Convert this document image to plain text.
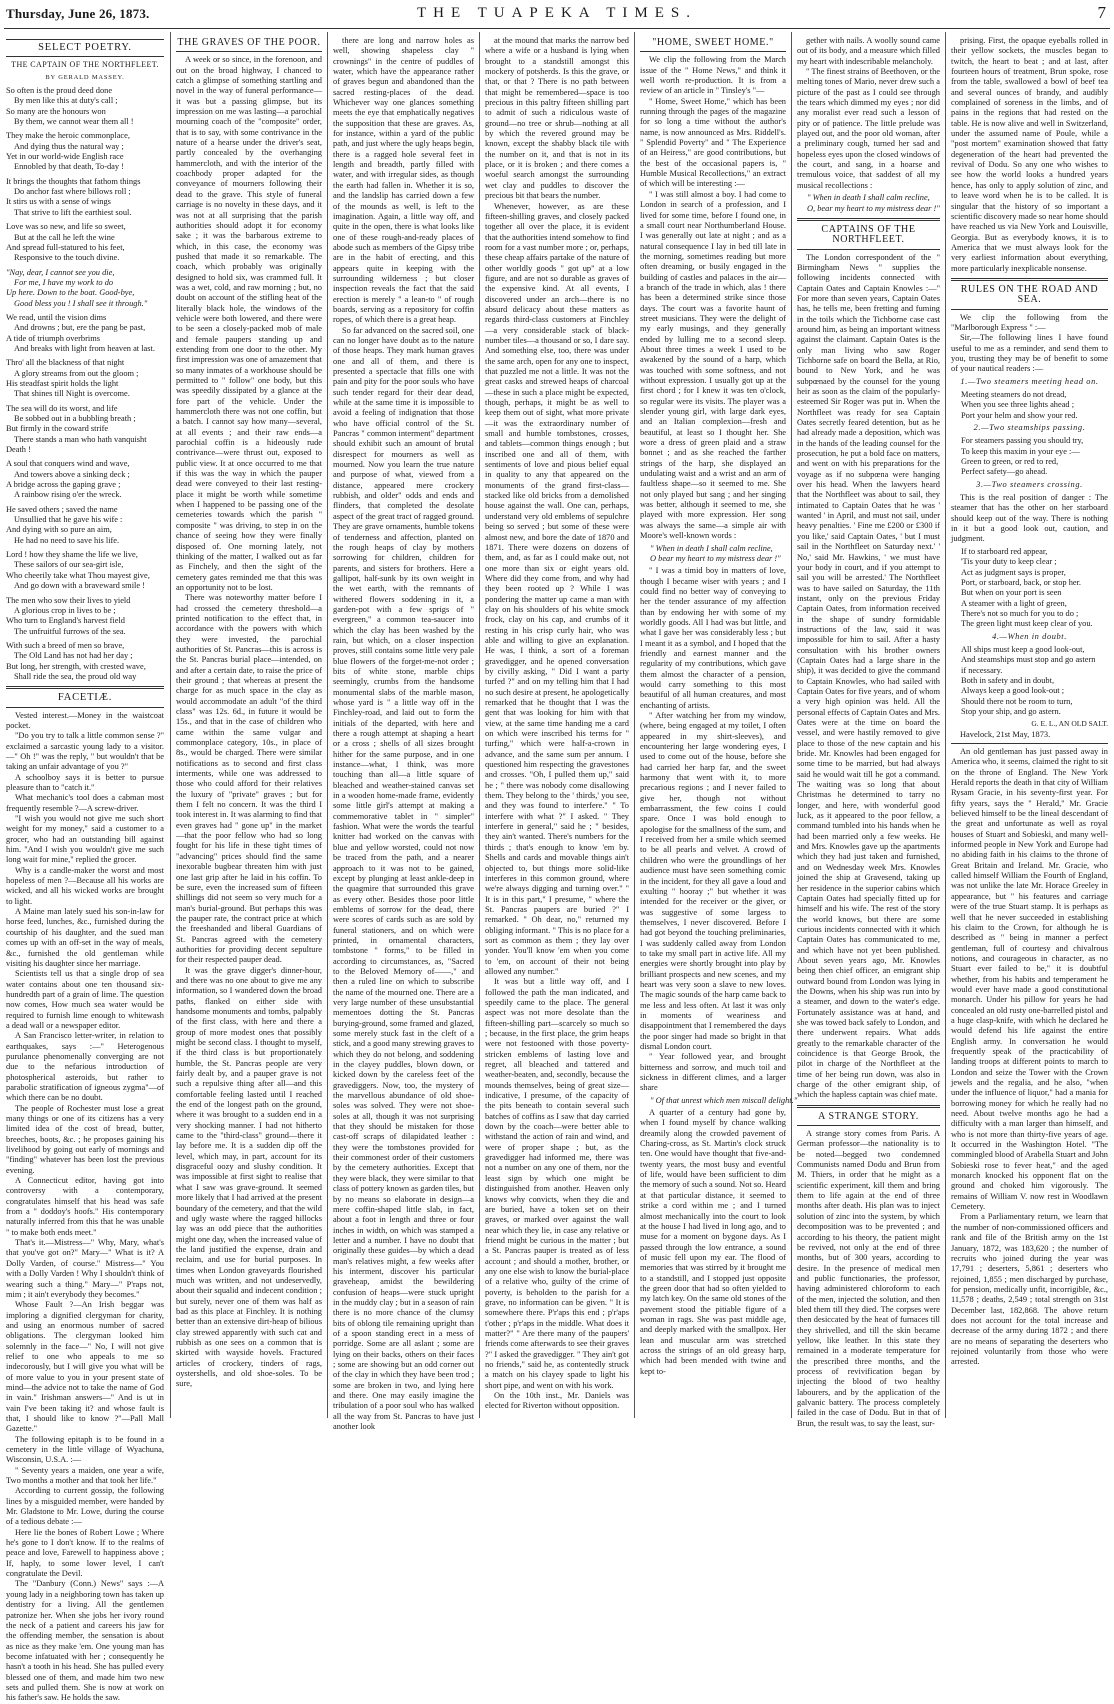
Thursday, June 26, 1873.	THE TUAPEKA TIMES.	7
SELECT POETRY.
THE CAPTAIN OF THE NORTHFLEET.
BY GERALD MASSEY.
So often is the proud deed done
By men like this at duty's call ;
So many are the honours won
By them, we cannot wear them all !
They make the heroic commonplace,
And dying thus the natural way ;
Yet in our world-wide English race
Ennobled by that death, To-day !
It brings the thoughts that fathom things
Do anchor fast where billows roll ;
It stirs us with a sense of wings
That strive to lift the earthiest soul.
Love was so new, and life so sweet,
But at the call he left the wine
And spread full-statured to his feet,
Responsive to the touch divine.
"Nay, dear, I cannot see you die,
For me, I have my work to do
Up here. Down to the boat. Good-bye,
Good bless you ! I shall see it through."
We read, until the vision dims
And drowns ; but, ere the pang be past,
A tide of triumph overbrims
And breaks with light from heaven at last.
Thro' all the blackness of that night
A glory streams from out the gloom ;
His steadfast spirit holds the light
That shines till Night is overcome.
The sea will do its worst, and life
Be sobbed out in a bubbling breath ;
But firmly in the coward strife
There stands a man who hath vanquisht
Death !
A soul that conquers wind and wave,
And towers above a sinking deck ;
A bridge across the gaping grave ;
A rainbow rising o'er the wreck.
He saved others ; saved the name
Unsullied that he gave his wife :
And dying with so pure an aim,
He had no need to save his life.
Lord ! how they shame the life we live,
These sailors of our sea-girt isle,
Who cheerily take what Thou mayest give,
And go down with a braveward smile !
The men who sow their lives to yield
A glorious crop in lives to be ;
Who turn to England's harvest field
The unfruitful furrows of the sea.
With such a breed of men so brave,
The Old Land has not had her day ;
But long, her strength, with crested wave,
Shall ride the sea, the proud old way
FACETIÆ.

Vested interest.—Money in the waistcoat pocket.

"Do you try to talk a little common sense ?" exclaimed a sarcastic young lady to a visitor.—" Oh !" was the reply, " but wouldn't that be taking an unfair advantage of you ?"

A schoolboy says it is better to pursue pleasure than to "catch it."

What mechanic's tool does a cabman most frequently resemble ?—A screw-driver.

"I wish you would not give me such short weight for my money," said a customer to a grocer, who had an outstanding bill against him. "And I wish you wouldn't give me such long wait for mine," replied the grocer.

Why is a candle-maker the worst and most hopeless of men ?—Because all his works are wicked, and all his wicked works are brought to light.

A Maine man lately sued his son-in-law for horse feed, lunches, &c., furnished during the courtship of his daughter, and the sued man comes up with an off-set in the way of meals, &c., furnished the old gentleman while visiting his daughter since her marriage.

Scientists tell us that a single drop of sea water contains about one ten thousand six-hundredth part of a grain of lime. The question now comes, How much sea water would be required to furnish lime enough to whitewash a dead wall or a newspaper editor.

A San Francisco letter-writer, in relation to earthquakes, says :—" Heterogenous purulance phenomenally converging are not due to the nefarious introduction of photospherical asteroids, but rather to parabolic stratification of igneous zygma"—of which there can be no doubt.

The people of Rochester must lose a great many things or one of its citizens has a very limited idea of the cost of bread, butter, breeches, boots, &c. ; he proposes gaining his livelihood by going out early of mornings and "finding" whatever has been lost the previous evening.

A Connecticut editor, having got into controversy with a contemporary, congratulates himself that his head was safe from a " doddoy's hoofs." His contemporary naturally inferred from this that he was unable " to make both ends meet."

That's it.—Mistress—" Why, Mary, what's that you've got on?" Mary—" What is it? A Dolly Varden, of course." Mistress—" You with a Dolly Varden ! Why I shouldn't think of wearing such a thing." Mary—" P'raps not, mim ; it ain't everybody they becomes."

Whose Fault ?—An Irish beggar was imploring a dignified clergyman for charity, and using an enormous number of sacred obligations. The clergyman looked him solemnly in the face—" No, I will not give relief to one who appeals to me so indecorously, but I will give you what will be of more value to you in your present state of mind—the advice not to take the name of God in vain." Irishman answers—" And is ut in vain I've been taking it? and whose fault is that, I should like to know ?"—Pall Mall Gazette."

The following epitaph is to be found in a cemetery in the little village of Wyachuna, Wisconsin, U.S.A. :—

" Seventy years a maiden, one year a wife, Two months a mother and that took her life."

According to current gossip, the following lines by a misguided member, were handed by Mr. Gladstone to Mr. Lowe, during the course of a tedious debate :—

Here lie the bones of Robert Lowe ; Where he's gone to I don't know. If to the realms of peace and love, Farewell to happiness above ; If, haply, to some lower level, I can't congratulate the Devil.

The "Danbury (Conn.) News" says :—A young lady in a neighboring town has taken up dentistry for a living. All the gentlemen patronize her. When she jobs her ivory round the neck of a patient and careers his jaw for the offending member, the sensation is about as nice as they make 'em. One young man has become infatuated with her ; consequently he hasn't a tooth in his head. She has pulled every blessed one of them, and made him two new sets and pulled them. She is now at work on his father's saw. He holds the saw.

THE GRAVES OF THE POOR.

A week or so since, in the forenoon, and out on the broad highway, I chanced to catch a glimpse of something startling and novel in the way of funeral performance—it was but a passing glimpse, but its impression on me was lasting—a parochial mourning coach of the "composite" order, that is to say, with some contrivance in the nature of a hearse under the driver's seat, partly concealed by the overhanging hammercloth, and with the interior of the coachbody proper adapted for the conveyance of mourners following their dead to the grave. This style of funeral carriage is no novelty in these days, and it was not at all surprising that the parish authorities should adopt it for economy sake ; it was the barbarous extreme to which, in this case, the economy was pushed that made it so remarkable. The coach, which probably was originally designed to hold six, was crammed full. It was a wet, cold, and raw morning ; but, no doubt on account of the stifling heat of the literally black hole, the windows of the vehicle were both lowered, and there were to be seen a closely-packed mob of male and female paupers standing up and extending from one door to the other. My first impression was one of amazement that so many inmates of a workhouse should be permitted to " follow" one body, but this was speedily dissipated by a glance at the fore part of the vehicle. Under the hammercloth there was not one coffin, but a batch. I cannot say how many—several, at all events ; and their raw ends—a parochial coffin is a hideously rude contrivance—were thrust out, exposed to public view. It at once occurred to me that if this was the way in which the pauper dead were conveyed to their last resting-place it might be worth while sometime when I happened to be passing one of the cemeteries towards which the parish " composite " was driving, to step in on the chance of seeing how they were finally disposed of. One morning lately, not thinking of the matter, I walked out as far as Finchely, and then the sight of the cemetery gates reminded me that this was an opportunity not to be lost.

There was noteworthy matter before I had crossed the cemetery threshold—a printed notification to the effect that, in accordance with the powers with which they were invested, the parochial authorities of St. Pancras—this is across is the St. Pancras burial place—intended, on and after a certain date, to raise the price of their ground ; that whereas at present the charge for as much space in the clay as would accommodate an adult "of the third class" was 12s. 6d., in future it would be 15s., and that in the case of children who came within the same vulgar and commonplace category, 10s., in place of 8s., would be charged. There were similar notifications as to second and first class interments, while one was addressed to those who could afford for their relatives the luxury of "private" graves ; but for them I felt no concern. It was the third I took interest in. It was alarming to find that even graves had " gone up" in the market—that the poor fellow who had so long fought for his life in these tight times of "advancing" prices should find the same inexorable bugbear threaten him with just one last grip after he laid in his coffin. To be sure, even the increased sum of fifteen shillings did not seem so very much for a man's burial-ground. But perhaps this was the pauper rate, the contract price at which the freeshanded and liberal Guardians of St. Pancras agreed with the cemetery authorities for providing decent sepulture for their respected pauper dead.

It was the grave digger's dinner-hour, and there was no one about to give me any information, so I wandered down the broad paths, flanked on either side with handsome monuments and tombs, palpably of the first class, with here and there a group of more modest ones that possibly might be second class. I thought to myself, if the third class is but proportionately humble, the St. Pancras people are very fairly dealt by, and a pauper grave is not such a repulsive thing after all—and this comfortable feeling lasted until I reached the end of the longest path on the ground, where it was brought to a sudden end in a very shocking manner. I had not hitherto came to the "third-class" ground—there it lay before me. It is a sudden dip off the level, which may, in part, account for its disgraceful oozy and slushy condition. It was impossible at first sight to realise that what I saw was grave-ground. It seemed more likely that I had arrived at the present boundary of the cemetery, and that the wild and ugly waste where the ragged hillocks lay was an odd piece that the authorities might one day, when the increased value of the land justified the expense, drain and reclaim, and use for burial purposes. In times when London graveyards flourished much was written, and not undeservedly, about their squalid and indecent condition ; but surely, never one of them was half as bad as this place at Finchley. It is nothing better than an extensive dirt-heap of bilious clay strewed apparently with such cat and rubbish as one sees on a common that is skirted with wayside hovels. Fractured articles of crockery, tinders of rags, oystershells, and old shoe-soles. To be sure,

there are long and narrow holes as well, showing shapeless clay " crownings" in the centre of puddles of water, which have the appearance rather of graves begun and abandoned than the sacred resting-places of the dead. Whichever way one glances something meets the eye that emphatically negatives the supposition that these are graves. As, for instance, within a yard of the public path, and just where the ugly heaps begin, there is a ragged hole several feet in length and breadth, partly filled with water, and with irregular sides, as though the earth had fallen in. Whether it is so, and the landslip has carried down a few of the mounds as well, is left to the imagination. Again, a little way off, and quite in the open, there is what looks like one of these rough-and-ready places of abode such as members of the Gipsy tribe are in the habit of erecting, and this appears quite in keeping with the surrounding wilderness ; but closer inspection reveals the fact that the said erection is merely " a lean-to " of rough boards, serving as a repository for coffin ropes, of which there is a great heap.

So far advanced on the sacred soil, one can no longer have doubt as to the nature of those heaps. They mark human graves one and all of them, and there is presented a spectacle that fills one with pain and pity for the poor souls who have such tender regard for their dear dead, while at the same time it is impossible to avoid a feeling of indignation that those who have official control of the St. Pancras " common interment" department should exhibit such an amount of brutal disrespect for mourners as well as mourned. Now you learn the true nature and purpose of what, viewed from a distance, appeared mere crockery rubbish, and older" odds and ends and flinders, that completed the desolate aspect of the great tract of ragged ground. They are grave ornaments, humble tokens of tenderness and affection, planted on the rough heaps of clay by mothers sorrowing for children, children for parents, and sisters for brothers. Here a gallipot, half-sunk by its own weight in the wet earth, with the remnants of withered flowers soddening in it, a garden-pot with a few sprigs of " evergreen," a common tea-saucer into which the clay has been washed by the rain, but which, on a closer inspection proves, still contains some little very pale blue flowers of the forget-me-not order ; bits of white stone, marble chips seemingly, crumbs from the handsome monumental slabs of the marble mason, whose yard is " a little way off in the Finchley-road, and laid out to form the initials of the departed, with here and there a rough attempt at shaping a heart or a cross ; shells of all sizes brought hither for the same purpose, and in one instance—what, I think, was more touching than all—a little square of bleached and weather-stained canvas set in a wooden home-made frame, evidently some little girl's attempt at making a commemorative tablet in " simpler" fashion. What were the words the tearful knitter had worked on the canvas with blue and yellow worsted, could not now be traced from the path, and a nearer approach to it was not to be gained, except by plunging at least ankle-deep in the quagmire that surrounded this grave as every other. Besides those poor little emblems of sorrow for the dead, there were scores of cards such as are sold by funeral stationers, and on which were printed, in ornamental characters, tombstone " forms," to be filled in according to circumstances, as, "Sacred to the Beloved Memory of——," and then a ruled line on which to subscribe the name of the mourned one. There are a very large number of these unsubstantial mementoes dotting the St. Pancras burying-ground, some framed and glazed, some merely stuck fast in the cleft of a stick, and a good many strewing graves to which they do not belong, and soddening in the clayey puddles, blown down, or kicked down by the careless feet of the gravediggers. Now, too, the mystery of the marvellous abundance of old shoe-soles was solved. They were not shoe-soles at all, though it was not surprising that they should be mistaken for those cast-off scraps of dilapidated leather : they were the tombstones provided for their commonest order of their customers by the cemetery authorities. Except that they were black, they were similar to that class of pottery known as garden tiles, but by no means so elaborate in design—a mere coffin-shaped little slab, in fact, about a foot in length and three or four inches in width, on which was stamped a letter and a number. I have no doubt that originally these guides—by which a dead man's relatives might, a few weeks after his interment, discover his particular graveheap, amidst the bewildering confusion of heaps—were stuck upright in the muddy clay ; but in a season of rain there is no more chance of the clumsy bits of oblong tile remaining upright than of a spoon standing erect in a mess of porridge. Some are all aslant ; some are lying on their backs, others on their faces ; some are showing but an odd corner out of the clay in which they have been trod ; some are broken in two, and lying here and there. One may easily imagine the tribulation of a poor soul who has walked all the way from St. Pancras to have just another look

at the mound that marks the narrow bed where a wife or a husband is lying when brought to a standstill amongst this mockery of potsherds. Is this the grave, or that, or that ? There is no path between that might be remembered—space is too precious in this paltry fifteen shilling part to admit of such a ridiculous waste of ground—no tree or shrub—nothing at all by which the revered ground may be known, except the shabby black tile with the number on it, and that is not in its place, or it is broken ; and there comes a woeful search amongst the surrounding wet clay and puddles to discover the precious bit that bears the number.

Whenever, however, as are these fifteen-shilling graves, and closely packed together all over the place, it is evident that the authorities intend somehow to find room for a vast number more ; or, perhaps, these cheap affairs partake of the nature of other worldly goods " got up" at a low figure, and are not so durable as graves of the expensive kind. At all events, I discovered under an arch—there is no absurd delicacy about these matters as regards third-class customers at Finchley—a very considerable stack of black-number tiles—a thousand or so, I dare say. And something else, too, there was under the same arch, open for any one to inspect, that puzzled me not a little. It was not the great casks and strewed heaps of charcoal—these in such a place might be expected, though, perhaps, it might be as well to keep them out of sight, what more private—it was the extraordinary number of small and humble tombstones, crosses, and tablets—common things enough ; but inscribed one and all of them, with sentiments of love and pious belief equal in quality to any that appeared on the monuments of the grand first-class—stacked like old bricks from a demolished house against the wall. One can, perhaps, understand very old emblems of sepulchre being so served ; but some of these were almost new, and bore the date of 1870 and 1871. There were dozens on dozens of them, and, as far as I could make out, not one more than six or eight years old. Where did they come from, and why had they been rooted up ? While I was pondering the matter up came a man with clay on his shoulders of his white smock frock, clay on his cap, and crumbs of it resting in his crisp curly hair, who was able and willing to give an explanation. He was, I think, a sort of a foreman gravedigger, and he opened conversation by civilly asking, " Did I want a party turfed ?" and on my telling him that I had no such desire at present, he apologetically remarked that he thought that I was the gent that was looking for him with that view, at the same time handing me a card on which were inscribed his terms for " turfing," which were half-a-crown in advance, and the same sum per annum. I questioned him respecting the gravestones and crosses. "Oh, I pulled them up," said he ; " there was nobody come disallowing them. They belong to the ' thirds,' you see, and they was found to interfere." " To interfere with what ?" I asked. " They interfere in general," said he ; " besides, they ain't wanted. There's numbers for the thirds ; that's enough to know 'em by. Shells and cards and movable things ain't objected to, but things more solid-like interferes in this common ground, where we're always digging and turning over." " It is in this part," I presume, " where the St. Pancras paupers are buried ?" I remarked. " Oh dear, no," returned my obliging informant. " This is no place for a sort as common as them ; they lay over yonder. You'll know 'em when you come to 'em, on account of their not being allowed any number."

It was but a little way off, and I followed the path the man indicated, and speedily came to the place. The general aspect was not more desolate than the fifteen-shilling part—scarcely so much so ; because, in the first place, the grim heaps were not festooned with those poverty-stricken emblems of lasting love and regret, all bleached and tattered and weather-beaten, and, secondly, because the mounds themselves, being of great size—indicative, I presume, of the capacity of the pits beneath to contain several such batches of coffins as I saw that day carried down by the coach—were better able to withstand the action of rain and wind, and were of proper shape ; but, as the gravedigger had informed me, there was not a number on any one of them, nor the least sign by which one might be distinguished from another. Heaven only knows why convicts, when they die and are buried, have a token set on their graves, or marked over against the wall near which they lie, in case any relative or friend might be curious in the matter ; but a St. Pancras pauper is treated as of less account ; and should a mother, brother, or any one else wish to know the burial-place of a relative who, guilty of the crime of poverty, is beholden to the parish for a grave, no information can be given. " It is somewhere there. P'r'aps this end ; p'r'aps t'other ; p'r'aps in the middle. What does it matter?" " Are there many of the paupers' friends come afterwards to see their graves ?" I asked the gravedigger. " They ain't got no friends," said he, as contentedly struck a match on his clayey spade to light his short pipe, and went on with his work.

On the 10th inst., Mr. Daniels was elected for Riverton without opposition.

"HOME, SWEET HOME."

We clip the following from the March issue of the " Home News," and think it well worth re-production. It is from a review of an article in " Tinsley's "—

" Home, Sweet Home," which has been running through the pages of the magazine for so long a time without the author's name, is now announced as Mrs. Riddell's. " Splendid Poverty" and " The Experience of an Heiress," are good contributions, but the best of the occasional papers is, " Humble Musical Recollections," an extract of which will be interesting :—

" I was still almost a boy. I had come to London in search of a profession, and I lived for some time, before I found one, in a small court near Northumberland House. I was generally out late at night ; and as a natural consequence I lay in bed till late in the morning, sometimes reading but more often dreaming, or busily engaged in the building of castles and palaces in the air—a branch of the trade in which, alas ! there has been a determined strike since those days. The court was a favorite haunt of street musicians. They were the delight of my early musings, and they generally ended by lulling me to a second sleep. About three times a week I used to be awakened by the sound of a harp, which was touched with some softness, and not without expression. I usually got up at the first chord ; for I knew it was ten o'clock, so regular were its visits. The player was a slender young girl, with large dark eyes, and an Italian complexion—fresh and beautiful, at least so I thought her. She wore a dress of green plaid and a straw bonnet ; and as she reached the farther strings of the harp, she displayed an undulating waist and a wrist and an arm of faultless shape—so it seemed to me. She not only played but sang ; and her singing was better, although it seemed to me, she played with more expression. Her song was always the same—a simple air with Moore's well-known words :

" When in death I shall calm recline,
O bear my heart to my mistress dear !"

" I was a timid boy in matters of love, though I became wiser with years ; and I could find no better way of conveying to her the tender assurance of my affection than by endowing her with some of my worldly goods. All I had was but little, and what I gave her was considerably less ; but I meant it as a symbol, and I hoped that the friendly and earnest manner and the regularity of my contributions, which gave them almost the character of a pension, would carry something to this most beautiful of all human creatures, and most enchanting of artists.

" After watching her from my window, (where, being engaged at my toilet, I often appeared in my shirt-sleeves), and encountering her large wondering eyes, I used to come out of the house, before she had carried her harp far, and the sweet harmony that went with it, to more precarious regions ; and I never failed to give her, though not without embarrassment, the few coins I could spare. Once I was bold enough to apologise for the smallness of the sum, and I received from her a smile which seemed to be all pearls and velvet. A crowd of children who were the groundlings of her audience must have seen something comic in the incident, for they all gave a loud and exulting " hooray ;" but whether it was intended for the receiver or the giver, or was suggestive of some largess to themselves, I never discovered. Before I had got beyond the touching preliminaries, I was suddenly called away from London to take my small part in active life. All my energies were shortly brought into play by brilliant prospects and new scenes, and my heart was very soon a slave to new loves. The magic sounds of the harp came back to me less and less often. At last it was only in moments of weariness and disappointment that I remembered the days the poor singer had made so bright in that dismal London court.

" Year followed year, and brought bitterness and sorrow, and much toil and sickness in different climes, and a larger share

" Of that unrest which men miscall delight."

A quarter of a century had gone by, when I found myself by chance walking dreamily along the crowded pavement of Charing-cross, as St. Martin's clock struck ten. One would have thought that five-and-twenty years, the most busy and eventful of life, would have been sufficient to dim the memory of such a sound. Not so. Heard at that particular distance, it seemed to strike a cord within me ; and I turned almost mechanically into the court to look at the house I had lived in long ago, and to muse for a moment on bygone days. As I passed through the low entrance, a sound of music fell upon my ear. The flood of memories that was stirred by it brought me to a standstill, and I stopped just opposite the green door that had so often yielded to my latch key. On the same old stones of the pavement stood the pitiable figure of a woman in rags. She was past middle age, and deeply marked with the smallpox. Her lean and muscular arm was stretched across the strings of an old greasy harp, which had been mended with twine and kept to-

gether with nails. A woolly sound came out of its body, and a measure which filled my heart with indescribable melancholy.

" The finest strains of Beethoven, or the melting tones of Mario, never drew such a picture of the past as I could see through the tears which dimmed my eyes ; nor did any moralist ever read such a lesson of pity or of patience. The little prelude was played out, and the poor old woman, after a preliminary cough, turned her sad and hopeless eyes upon the closed windows of the court, and sang, in a hoarse and tremulous voice, that saddest of all my musical recollections :

" When in death I shall calm recline,
O, bear my heart to my mistress dear !"
CAPTAINS OF THE NORTHFLEET.

The London correspondent of the " Birmingham News " supplies the following incidents connected with Captain Oates and Captain Knowles :—" For more than seven years, Captain Oates has, he tells me, been fretting and fuming in the toils which the Tichborne case cast around him, as being an important witness against the claimant. Captain Oates is the only man living who saw Roger Tichborne safe on board the Bella, at Rio, bound to New York, and he was subpœnaed by the counsel for the young heir as soon as the claim of the popularly-esteemed Sir Roger was put in. When the Northfleet was ready for sea Captain Oates secretly feared detention, but as he had already made a deposition, which was in the hands of the leading counsel for the prosecution, he put a bold face on matters, and went on with his preparations for the voyage as if no subpœna were hanging over his head. When the lawyers heard that the Northfleet was about to sail, they intimated to Captain Oates that he was ' wanted ' in April, and must not sail, under heavy penalties. ' Fine me £200 or £300 if you like,' said Captain Oates, ' but I must sail in the Northfleet on Saturday next.' ' No,' said Mr. Hawkins, ' we must have your body in court, and if you attempt to sail you will be arrested.' The Northfleet was to have sailed on Saturday, the 11th instant, only on the previous Friday Captain Oates, from information received in the shape of sundry formidable instructions of the law, said it was impossible for him to sail. After a hasty consultation with his brother owners (Captain Oates had a large share in the ship), it was decided to give the command to Captain Knowles, who had sailed with Captain Oates for five years, and of whom a very high opinion was held. All the personal effects of Captain Oates and Mrs. Oates were at the time on board the vessel, and were hastily removed to give place to those of the new captain and his bride. Mr. Knowles had been engaged for some time to be married, but had always said he would wait till he got a command. The waiting was so long that about Christmas he determined to tarry no longer, and here, with wonderful good luck, as it appeared to the poor fellow, a command tumbled into his hands when he had been married only a few weeks. He and Mrs. Knowles gave up the apartments which they had just taken and furnished, and on Wednesday week Mrs. Knowles joined the ship at Gravesend, taking up her residence in the superior cabins which Captain Oates had specially fitted up for himself and his wife. The rest of the story the world knows, but there are some curious incidents connected with it which Captain Oates has communicated to me, and which have not yet been published. About seven years ago, Mr. Knowles being then chief officer, an emigrant ship outward bound from London was lying in the Downs, when his ship was run into by a steamer, and down to the water's edge. Fortunately assistance was at hand, and she was towed back safely to London, and there underwent repairs. What adds greatly to the remarkable character of the coincidence is that George Brook, the pilot in charge of the Northfleet at the time of her being run down, was also in charge of the other emigrant ship, of which the hapless captain was chief mate.

A STRANGE STORY.

A strange story comes from Paris. A German professor—the nationality is to be noted—begged two condemned Communists named Dodu and Brun from M. Thiers, in order that he might as a scientific experiment, kill them and bring them to life again at the end of three months after death. His plan was to inject solution of zinc into the system, by which decomposition was to be prevented ; and according to his theory, the patient might be revived, not only at the end of three months, but of 300 years, according to desire. In the presence of medical men and public functionaries, the professor, having administered chloroform to each of the men, injected the solution, and then bled them till they died. The corpses were then desiccated by the heat of furnaces till they shrivelled, and till the skin became yellow, like leather. In this state they remained in a moderate temperature for the prescribed three months, and the process of revivification began by injecting the blood of two healthy labourers, and by the application of the galvanic battery. The process completely failed in the case of Dodu. But in that of Brun, the result was, to say the least, sur-

prising. First, the opaque eyeballs rolled in their yellow sockets, the muscles began to twitch, the heart to beat ; and at last, after fourteen hours of treatment, Brun spoke, rose from the table, swallowed a bowl of beef tea and several ounces of brandy, and audibly complained of soreness in the limbs, and of pains in the regions that had rested on the table. He is now alive and well in Switzerland, under the assumed name of Poule, while a "post mortem" examination showed that fatty degeneration of the heart had prevented the revival of Dodu. So any one who wishes to see how the world looks a hundred years hence, has only to apply solution of zinc, and to leave word when he is to be called. It is singular that the history of so important a scientific discovery made so near home should have reached us via New York and Louisville, Georgia. But as everybody knows, it is to America that we must always look for the very earliest information about everything, more particularly inexplicable nonsense.

RULES ON THE ROAD AND SEA.

We clip the following from the "Marlborough Express " :—

Sir,—The following lines I have found useful to me as a reminder, and send them to you, trusting they may be of benefit to some of your nautical readers :—

1.—Two steamers meeting head on.
Meeting steamers do not dread,
When you see three lights ahead ;
Port your helm and show your red.
2.—Two steamships passing.
For steamers passing you should try,
To keep this maxim in your eye :—
Green to green, or red to red,
Perfect safety—go ahead.
3.—Two steamers crossing.

This is the real position of danger : The steamer that has the other on her starboard should keep out of the way. There is nothing in it but a good look out, caution, and judgment.

If to starboard red appear,
'Tis your duty to keep clear ;
Act as judgment says is proper,
Port, or starboard, back, or stop her.
But when on your port is seen
A steamer with a light of green,
There's not so much for you to do ;
The green light must keep clear of you.
4.—When in doubt.
All ships must keep a good look-out,
And steamships must stop and go astern
if necessary.
Both in safety and in doubt,
Always keep a good look-out ;
Should there not be room to turn,
Stop your ship, and go astern.
G. E. L., AN OLD SALT.

Havelock, 21st May, 1873.

An old gentleman has just passed away in America who, it seems, claimed the right to sit on the throne of England. The New York Herald reports the death in that city of William Rysam Gracie, in his seventy-first year. For fifty years, says the " Herald," Mr. Gracie believed himself to be the lineal descendant of the great and unfortunate as well as royal houses of Stuart and Sobieski, and many well-informed people in New York and Europe had no abiding faith in his claims to the throne of Great Britain and Ireland. Mr. Gracie, who called himself William the Fourth of England, was not unlike the late Mr. Horace Greeley in appearance, but " his features and carriage were of the true Stuart stamp. It is perhaps as well that he never succeeded in establishing his claim to the Crown, for although he is described as " being in manner a perfect gentleman, full of courtesy and chivalrous notions, and courageous in character, as no Stuart ever failed to be," it is doubtful whether, from his habits and temperament he would ever have made a good constitutional monarch. Under his pillow for years he had concealed an old rusty one-barrelled pistol and a huge clasp-knife, with which he declared he would defend his life against the entire English army. In conversation he would frequently speak of the practicability of landing troops at different points to march to London and seize the Tower with the Crown jewels and the regalia, and he also, "when under the influence of liquor," had a mania for borrowing money for which he really had no need. About twelve months ago he had a difficulty with a man larger than himself, and who is not more than thirty-five years of age. It occurred in the Washington Hotel. "The commingled blood of Arabella Stuart and John Sobieski rose to fever heat," and the aged monarch knocked his opponent flat on the ground and choked him vigorously. The remains of William V. now rest in Woodlawn Cemetery.

From a Parliamentary return, we learn that the number of non-commissioned officers and rank and file of the British army on the 1st January, 1872, was 183,620 ; the number of recruits who joined during the year was 17,791 ; deserters, 5,861 ; deserters who rejoined, 1,855 ; men discharged by purchase, for pension, medically unfit, incorrigible, &c., 11,578 ; deaths, 2,549 ; total strength on 31st December last, 182,868. The above return does not account for the total increase and decrease of the army during 1872 ; and there are no means of separating the deserters who rejoined voluntarily from those who were arrested.
